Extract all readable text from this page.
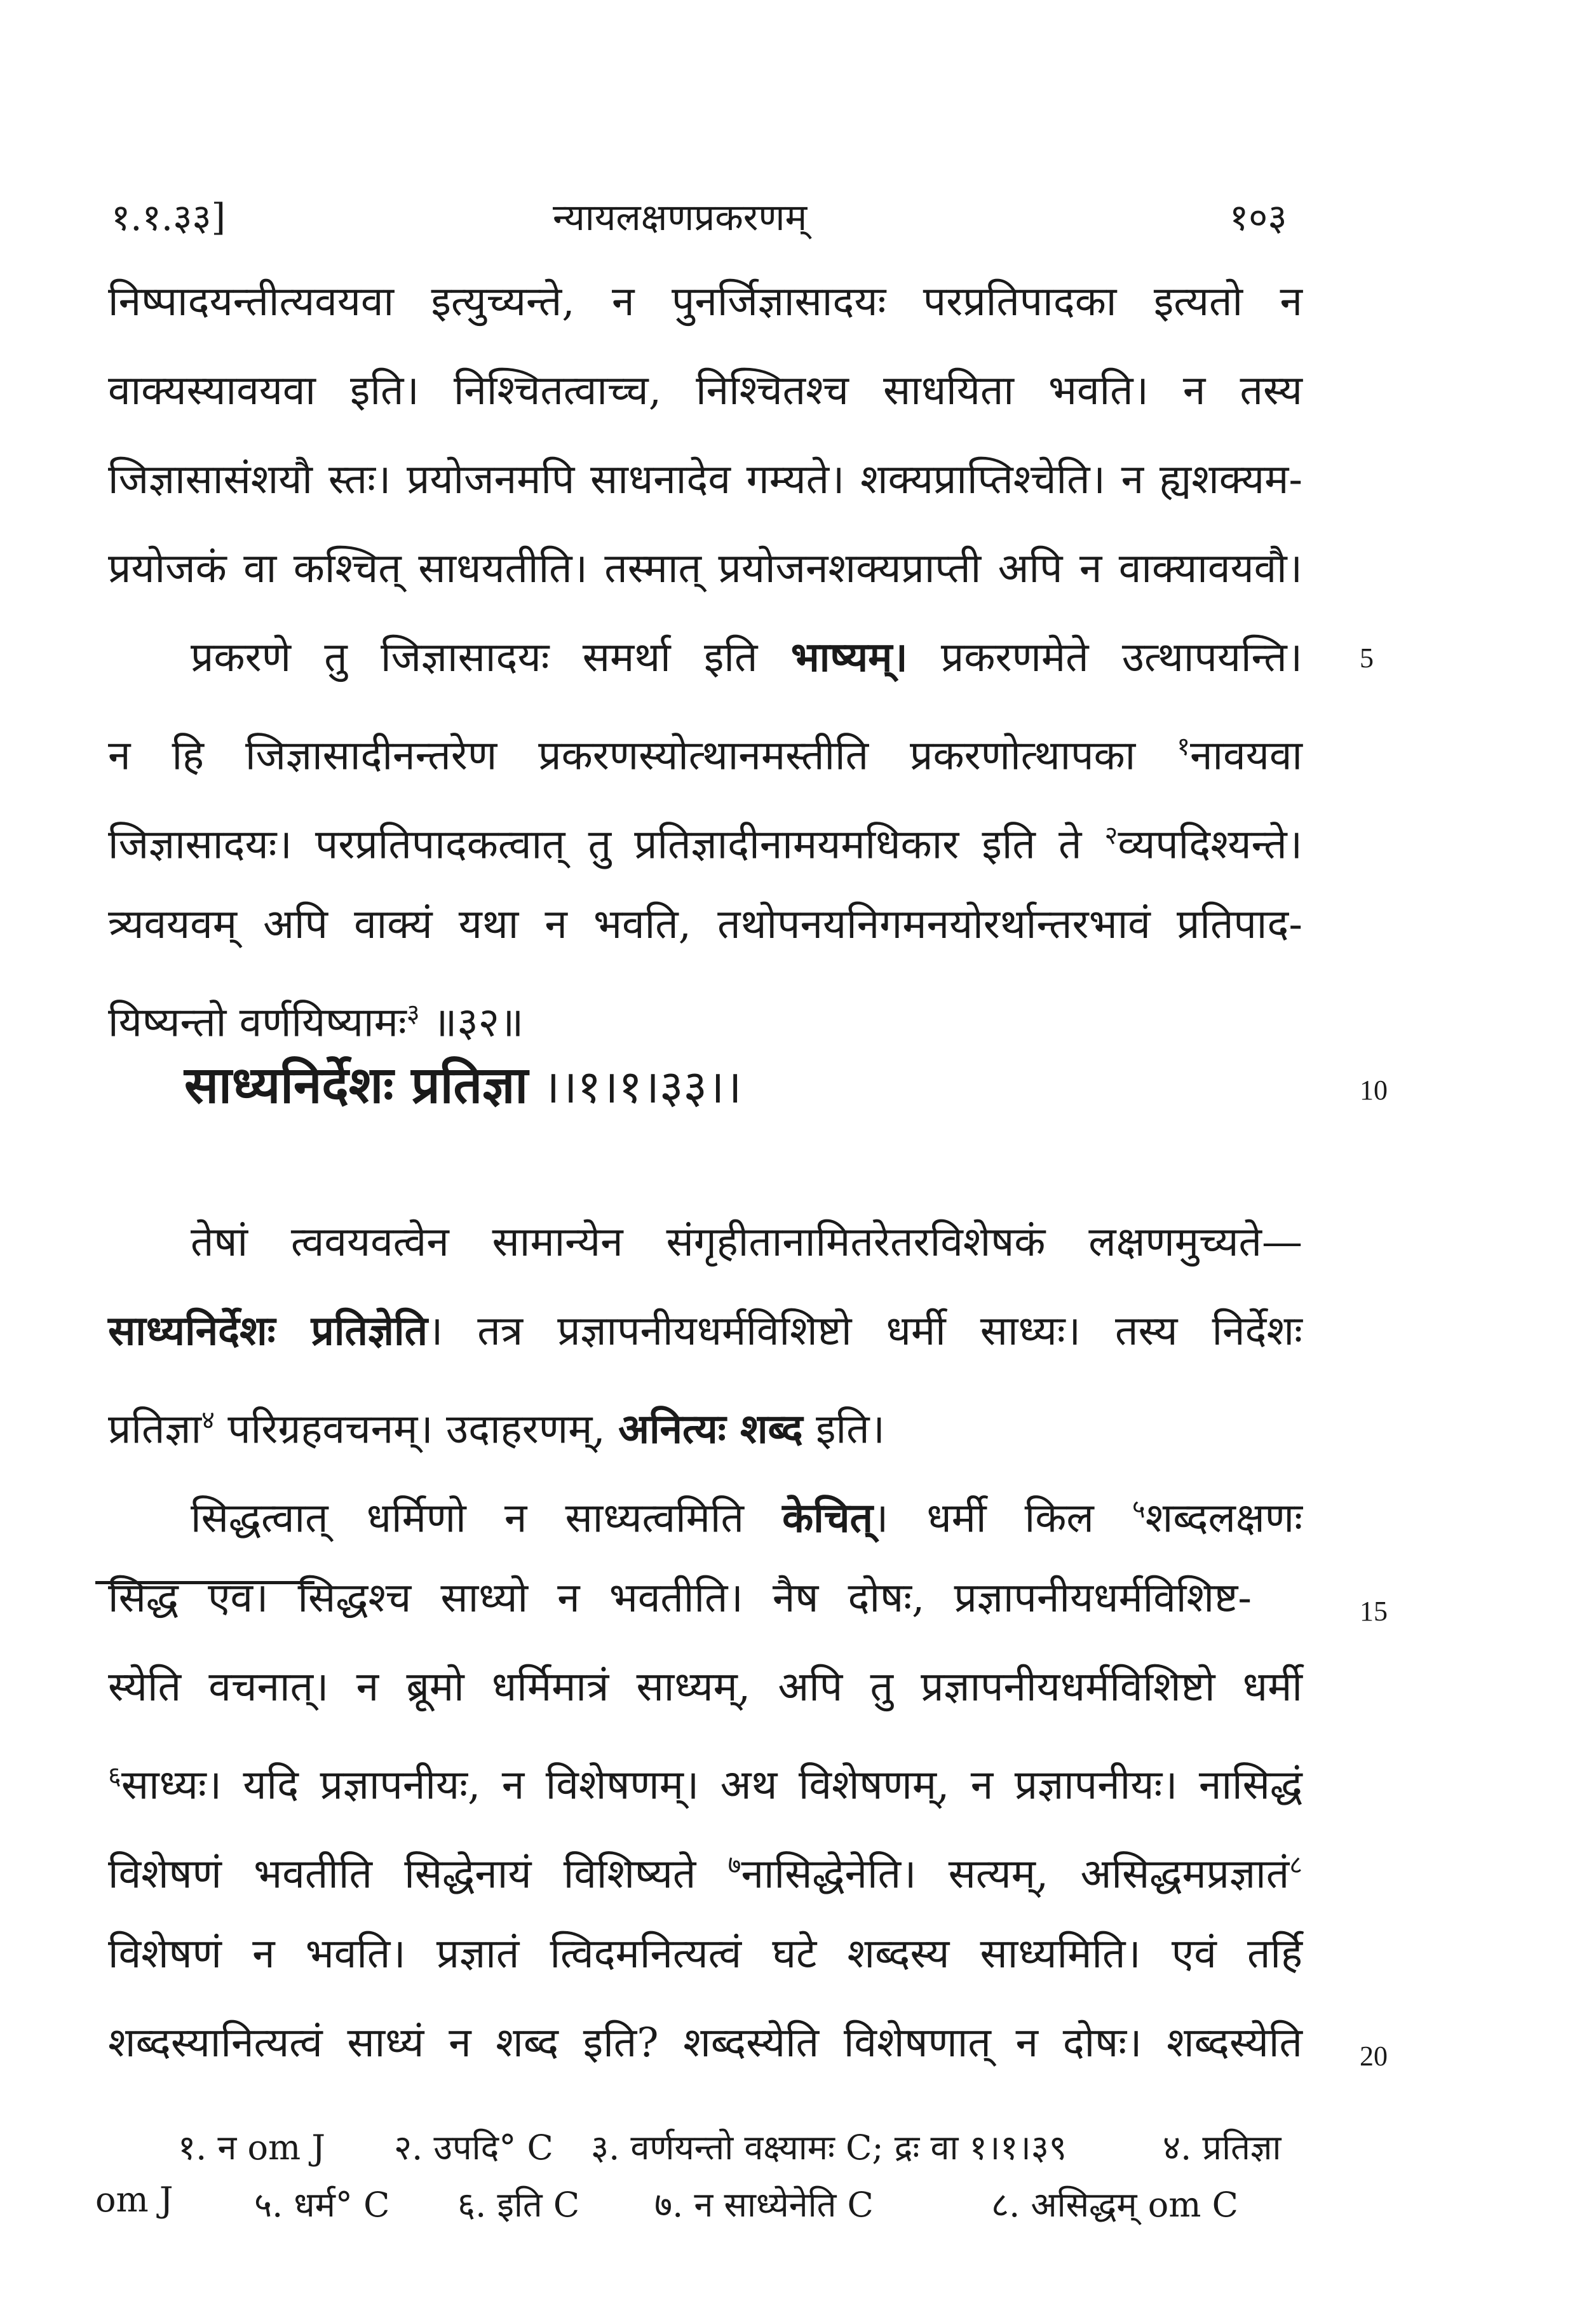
१.१.३३]	न्यायलक्षणप्रकरणम्	१०३
निष्पादयन्तीत्यवयवा इत्युच्यन्ते, न पुनर्जिज्ञासादयः परप्रतिपादका इत्यतो न
वाक्यस्यावयवा इति। निश्चितत्वाच्च, निश्चितश्च साधयिता भवति। न तस्य
जिज्ञासासंशयौ स्तः। प्रयोजनमपि साधनादेव गम्यते। शक्यप्राप्तिश्चेति। न ह्यशक्यम-
प्रयोजकं वा कश्चित् साधयतीति। तस्मात् प्रयोजनशक्यप्राप्ती अपि न वाक्यावयवौ।
प्रकरणे तु जिज्ञासादयः समर्था इति भाष्यम्। प्रकरणमेते उत्थापयन्ति।
न हि जिज्ञासादीनन्तरेण प्रकरणस्योत्थानमस्तीति प्रकरणोत्थापका $^१$नावयवा
जिज्ञासादयः। परप्रतिपादकत्वात् तु प्रतिज्ञादीनामयमधिकार इति ते $^२$व्यपदिश्यन्ते।
त्र्यवयवम् अपि वाक्यं यथा न भवति, तथोपनयनिगमनयोरर्थान्तरभावं प्रतिपाद-
यिष्यन्तो वर्णयिष्यामः$^३$ ॥३२॥
साध्यनिर्देशः प्रतिज्ञा ।।१।१।३३।।
तेषां त्ववयवत्वेन सामान्येन संगृहीतानामितरेतरविशेषकं लक्षणमुच्यते—
साध्यनिर्देशः प्रतिज्ञेति। तत्र प्रज्ञापनीयधर्मविशिष्टो धर्मी साध्यः। तस्य निर्देशः
प्रतिज्ञा$^४$ परिग्रहवचनम्। उदाहरणम्, अनित्यः शब्द इति।
सिद्धत्वात् धर्मिणो न साध्यत्वमिति केचित्। धर्मी किल $^५$शब्दलक्षणः
सिद्ध एव। सिद्धश्च साध्यो न भवतीति। नैष दोषः, प्रज्ञापनीयधर्मविशिष्ट-
स्येति वचनात्। न ब्रूमो धर्मिमात्रं साध्यम्, अपि तु प्रज्ञापनीयधर्मविशिष्टो धर्मी
$^६$साध्यः। यदि प्रज्ञापनीयः, न विशेषणम्। अथ विशेषणम्, न प्रज्ञापनीयः। नासिद्धं
विशेषणं भवतीति सिद्धेनायं विशिष्यते $^७$नासिद्धेनेति। सत्यम्, असिद्धमप्रज्ञातं$^८$
विशेषणं न भवति। प्रज्ञातं त्विदमनित्यत्वं घटे शब्दस्य साध्यमिति। एवं तर्हि
शब्दस्यानित्यत्वं साध्यं न शब्द इति? शब्दस्येति विशेषणात् न दोषः। शब्दस्येति
5
10
15
20
१. न om J २. उपदि° C ३. वर्णयन्तो वक्ष्यामः C; द्रः वा १।१।३९	४. प्रतिज्ञा
om J ५. धर्म° C ६. इति C ७. न साध्येनेति C	८. असिद्धम् om C
